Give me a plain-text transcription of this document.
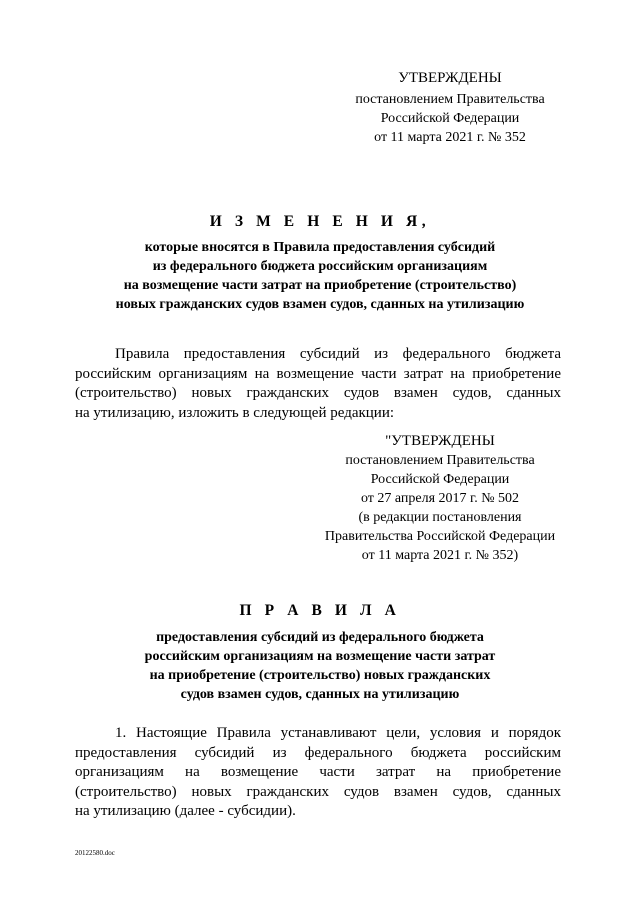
УТВЕРЖДЕНЫ
постановлением Правительства
Российской Федерации
от 11 марта 2021 г. № 352
И З М Е Н Е Н И Я,
которые вносятся в Правила предоставления субсидий
из федерального бюджета российским организациям
на возмещение части затрат на приобретение (строительство)
новых гражданских судов взамен судов, сданных на утилизацию
Правила предоставления субсидий из федерального бюджета
российским организациям на возмещение части затрат на приобретение
(строительство) новых гражданских судов взамен судов, сданных
на утилизацию, изложить в следующей редакции:
"УТВЕРЖДЕНЫ
постановлением Правительства
Российской Федерации
от 27 апреля 2017 г. № 502
(в редакции постановления
Правительства Российской Федерации
от 11 марта 2021 г. № 352)
П Р А В И Л А
предоставления субсидий из федерального бюджета
российским организациям на возмещение части затрат
на приобретение (строительство) новых гражданских
судов взамен судов, сданных на утилизацию
1. Настоящие Правила устанавливают цели, условия и порядок
предоставления субсидий из федерального бюджета российским
организациям на возмещение части затрат на приобретение
(строительство) новых гражданских судов взамен судов, сданных
на утилизацию (далее - субсидии).
20122580.doc
